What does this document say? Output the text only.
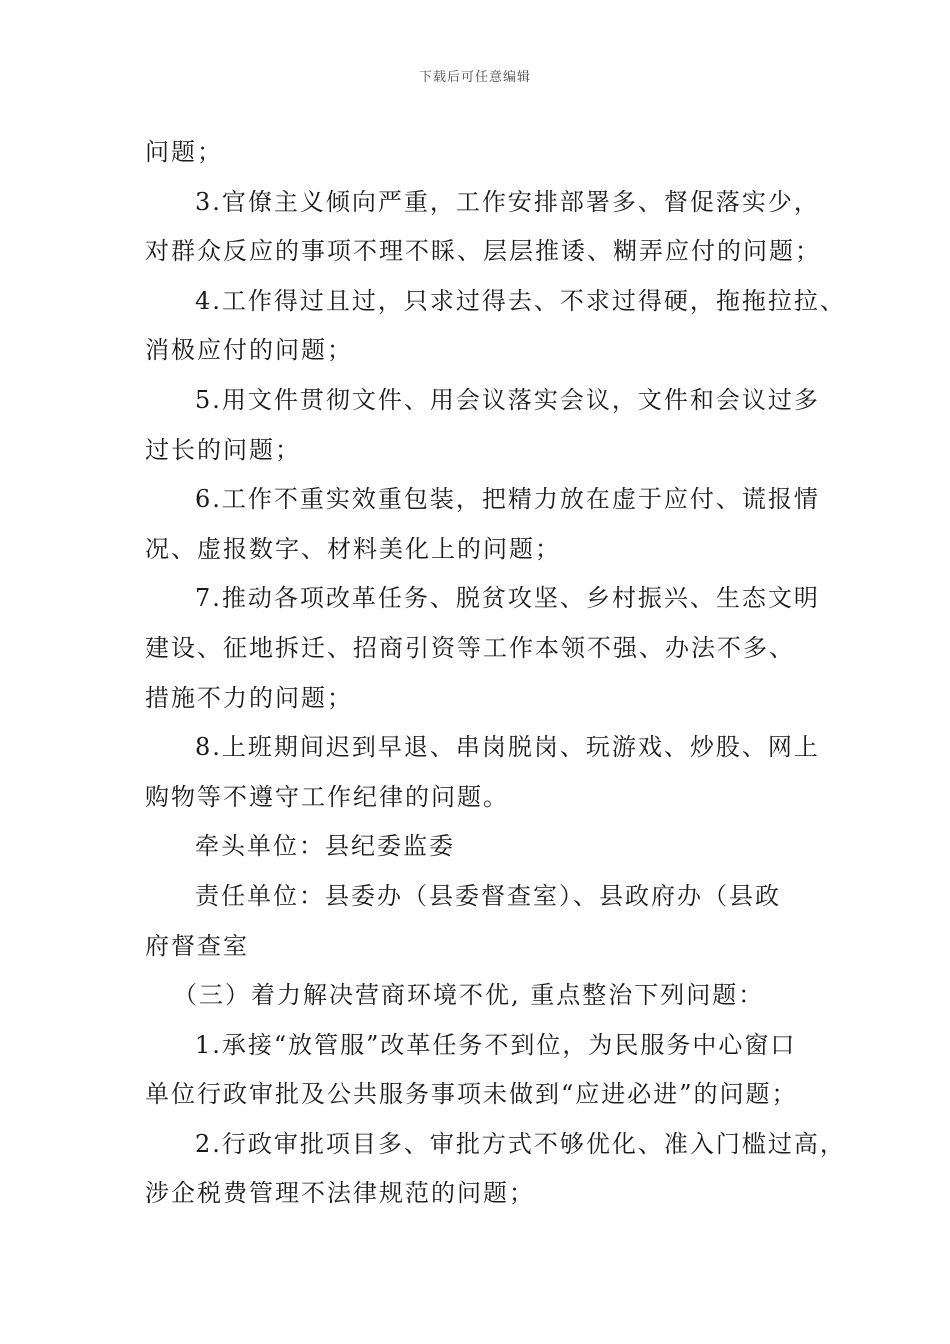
下载后可任意编辑

问题；

3.官僚主义倾向严重，工作安排部署多、督促落实少，
对群众反应的事项不理不睬、层层推诿、糊弄应付的问题；

4.工作得过且过，只求过得去、不求过得硬，拖拖拉拉、
消极应付的问题；

5.用文件贯彻文件、用会议落实会议，文件和会议过多
过长的问题；

6.工作不重实效重包装，把精力放在虚于应付、谎报情
况、虚报数字、材料美化上的问题；

7.推动各项改革任务、脱贫攻坚、乡村振兴、生态文明
建设、征地拆迁、招商引资等工作本领不强、办法不多、
措施不力的问题；

8.上班期间迟到早退、串岗脱岗、玩游戏、炒股、网上
购物等不遵守工作纪律的问题。

牵头单位：县纪委监委

责任单位：县委办（县委督查室）、县政府办（县政
府督查室

（三）着力解决营商环境不优, 重点整治下列问题：

1.承接“放管服”改革任务不到位，为民服务中心窗口
单位行政审批及公共服务事项未做到“应进必进”的问题；

2.行政审批项目多、审批方式不够优化、准入门槛过高，
涉企税费管理不法律规范的问题；
